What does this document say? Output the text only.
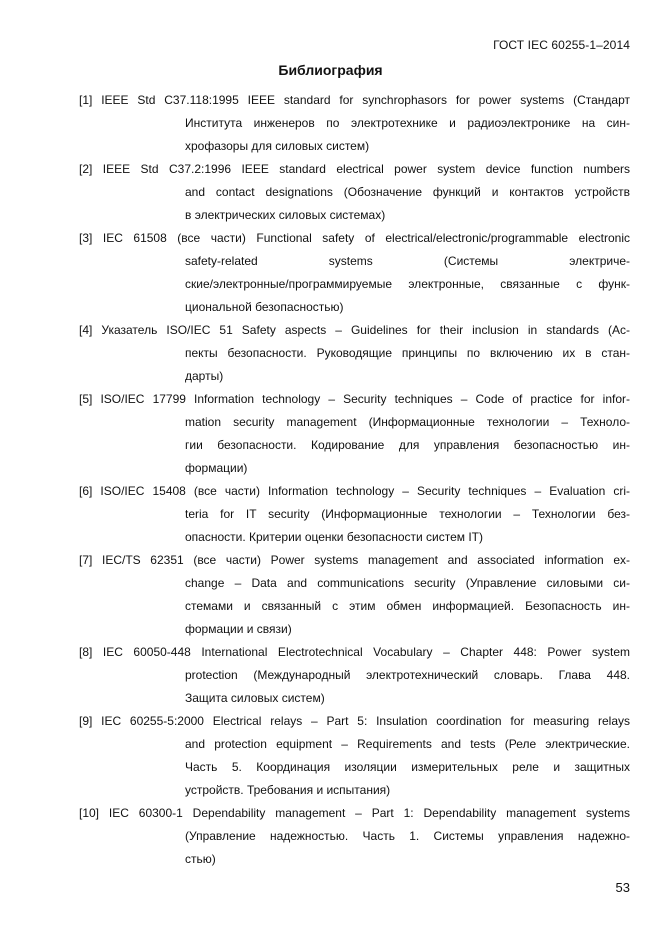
ГОСТ IEC 60255-1–2014
Библиография
[1] IEEE Std C37.118:1995 IEEE standard for synchrophasors for power systems (Стандарт
Института инженеров по электротехнике и радиоэлектронике на син-
хрофазоры для силовых систем)
[2] IEEE Std C37.2:1996 IEEE standard electrical power system device function numbers
and contact designations (Обозначение функций и контактов устройств
в электрических силовых системах)
[3] IEC 61508 (все части) Functional safety of electrical/electronic/programmable electronic
safety-related systems (Системы электриче-
ские/электронные/программируемые электронные, связанные с функ-
циональной безопасностью)
[4] Указатель ISO/IEC 51 Safety aspects – Guidelines for their inclusion in standards (Ас-
пекты безопасности. Руководящие принципы по включению их в стан-
дарты)
[5] ISO/IEC 17799 Information technology – Security techniques – Code of practice for infor-
mation security management (Информационные технологии – Техноло-
гии безопасности. Кодирование для управления безопасностью ин-
формации)
[6] ISO/IEC 15408 (все части) Information technology – Security techniques – Evaluation cri-
teria for IT security (Информационные технологии – Технологии без-
опасности. Критерии оценки безопасности систем IT)
[7] IEC/TS 62351 (все части) Power systems management and associated information ex-
change – Data and communications security (Управление силовыми си-
стемами и связанный с этим обмен информацией. Безопасность ин-
формации и связи)
[8] IEC 60050-448 International Electrotechnical Vocabulary – Chapter 448: Power system
protection (Международный электротехнический словарь. Глава 448.
Защита силовых систем)
[9] IEC 60255-5:2000 Electrical relays – Part 5: Insulation coordination for measuring relays
and protection equipment – Requirements and tests (Реле электрические.
Часть 5. Координация изоляции измерительных реле и защитных
устройств. Требования и испытания)
[10] IEC 60300-1 Dependability management – Part 1: Dependability management systems
(Управление надежностью. Часть 1. Системы управления надежно-
стью)
53
